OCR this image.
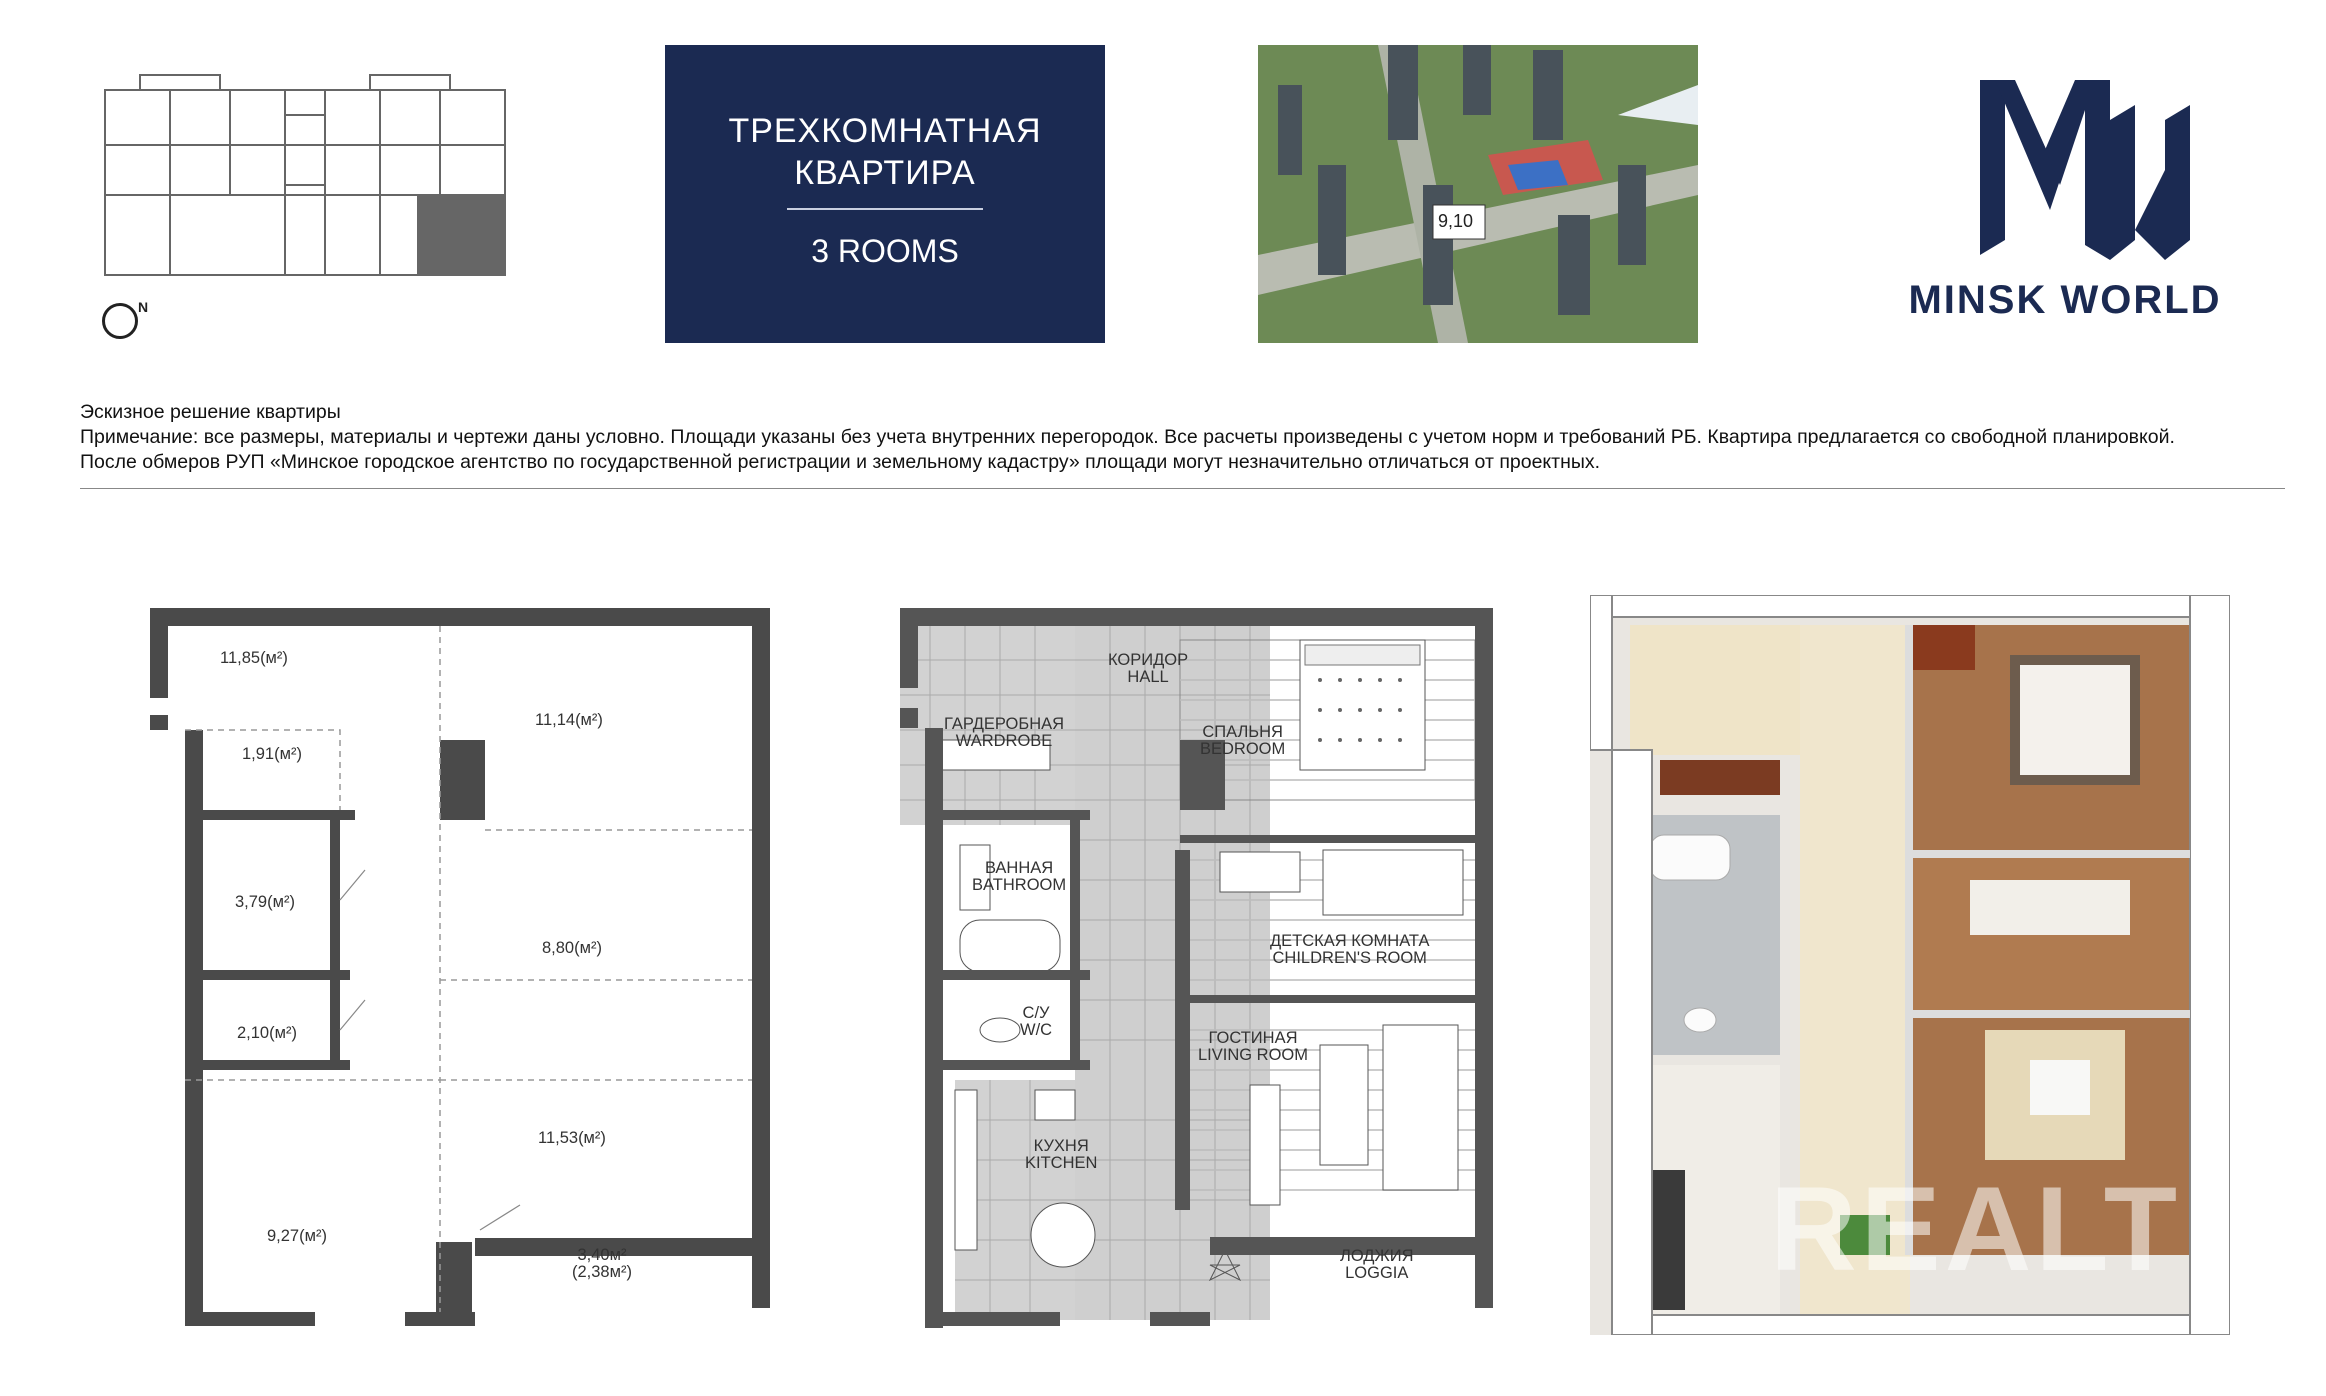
N
ТРЕХКОМНАТНАЯ
КВАРТИРА
3 ROOMS
9,10
MINSK WORLD
Эскизное решение квартиры
Примечание: все размеры, материалы и чертежи даны условно. Площади указаны без учета внутренних перегородок. Все расчеты произведены с учетом норм и требований РБ. Квартира предлагается со свободной планировкой.
После обмеров РУП «Минское городское агентство по государственной регистрации и земельному кадастру» площади могут незначительно отличаться от проектных.
11,85(м²)
11,14(м²)
1,91(м²)
3,79(м²)
8,80(м²)
2,10(м²)
11,53(м²)
9,27(м²)
3,40м²
(2,38м²)
КОРИДОР
HALL
ГАРДЕРОБНАЯ
WARDROBE	СПАЛЬНЯ
BEDROOM
ВАННАЯ
BATHROOM
ДЕТСКАЯ КОМНАТА
CHILDREN'S ROOM
С/У
W/C	ГОСТИНАЯ
LIVING ROOM
КУХНЯ
KITCHEN
ЛОДЖИЯ
LOGGIA	REALT
